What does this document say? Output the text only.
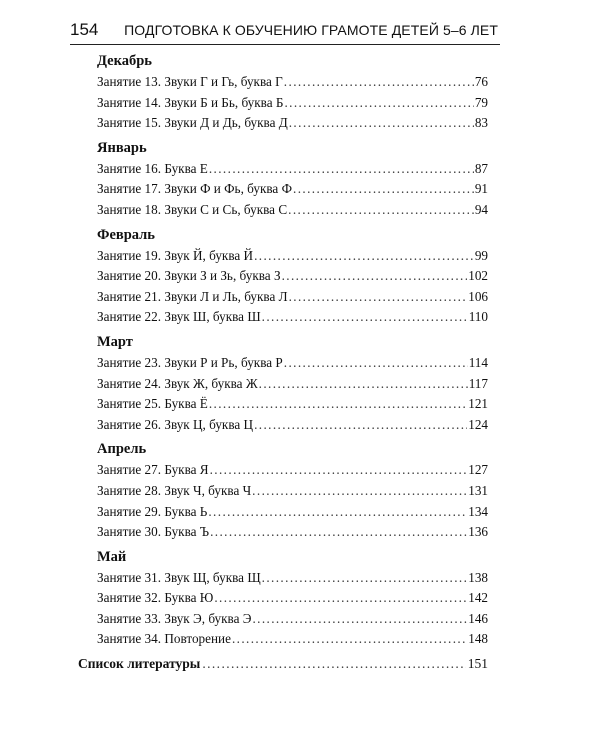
154 ПОДГОТОВКА К ОБУЧЕНИЮ ГРАМОТЕ ДЕТЕЙ 5–6 ЛЕТ
Декабрь
Занятие 13. Звуки Г и Гь, буква Г .....	76
Занятие 14. Звуки Б и Бь, буква Б .....	79
Занятие 15. Звуки Д и Дь, буква Д .....	83
Январь
Занятие 16. Буква Е .....	87
Занятие 17. Звуки Ф и Фь, буква Ф .....	91
Занятие 18. Звуки С и Сь, буква С .....	94
Февраль
Занятие 19. Звук Й, буква Й .....	99
Занятие 20. Звуки З и Зь, буква З .....	102
Занятие 21. Звуки Л и Ль, буква Л .....	106
Занятие 22. Звук Ш, буква Ш .....	110
Март
Занятие 23. Звуки Р и Рь, буква Р .....	114
Занятие 24. Звук Ж, буква Ж .....	117
Занятие 25. Буква Ё .....	121
Занятие 26. Звук Ц, буква Ц .....	124
Апрель
Занятие 27. Буква Я .....	127
Занятие 28. Звук Ч, буква Ч .....	131
Занятие 29. Буква Ь .....	134
Занятие 30. Буква Ъ .....	136
Май
Занятие 31. Звук Щ, буква Щ .....	138
Занятие 32. Буква Ю .....	142
Занятие 33. Звук Э, буква Э .....	146
Занятие 34. Повторение .....	148
Список литературы .....	151
